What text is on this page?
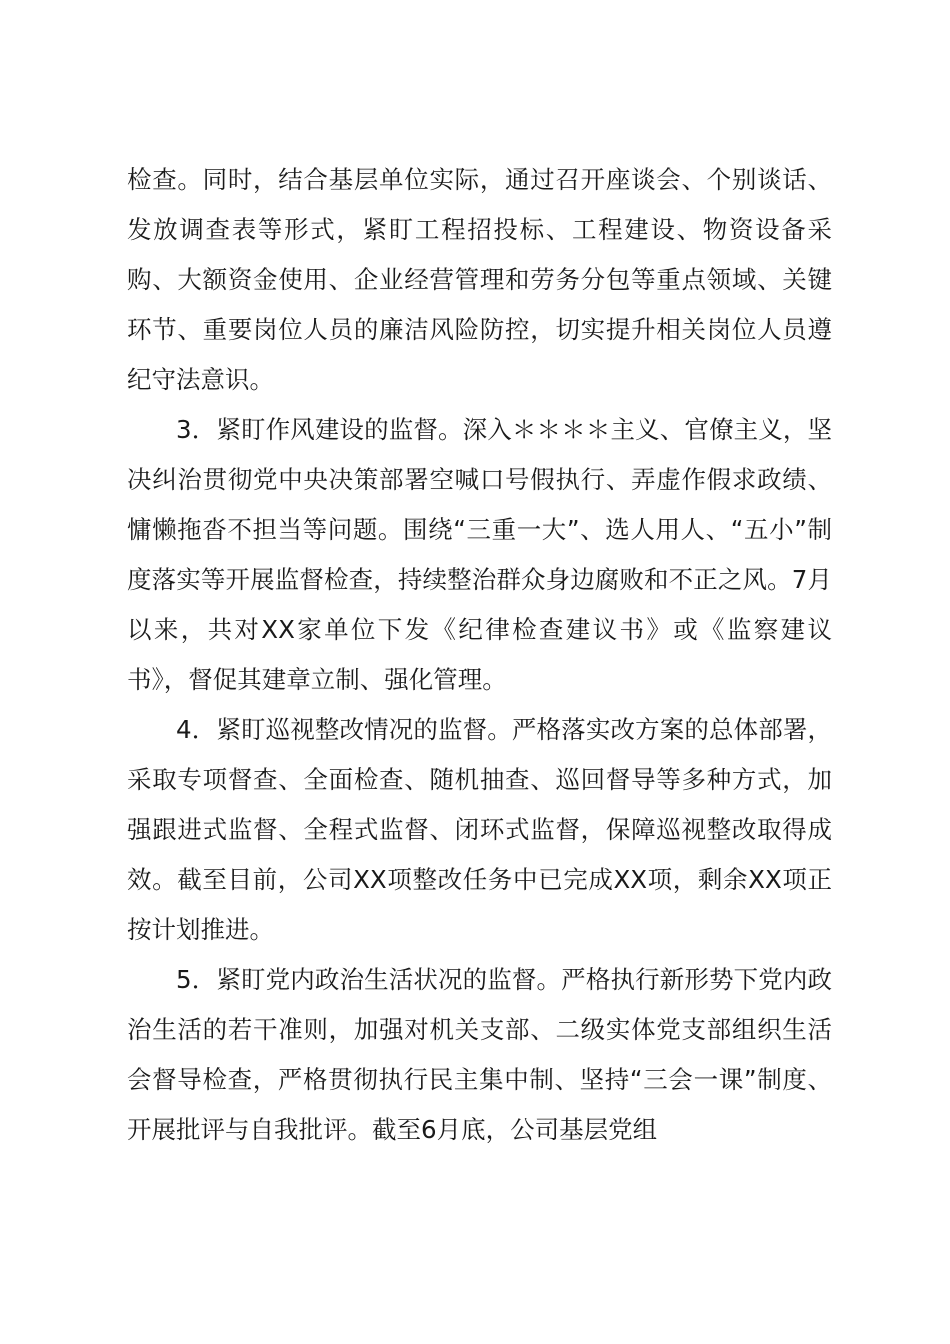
检查。同时，结合基层单位实际，通过召开座谈会、个别谈话、发放调查表等形式，紧盯工程招投标、工程建设、物资设备采购、大额资金使用、企业经营管理和劳务分包等重点领域、关键环节、重要岗位人员的廉洁风险防控，切实提升相关岗位人员遵纪守法意识。

3．紧盯作风建设的监督。深入＊＊＊＊主义、官僚主义，坚决纠治贯彻党中央决策部署空喊口号假执行、弄虚作假求政绩、慵懒拖沓不担当等问题。围绕“三重一大”、选人用人、“五小”制度落实等开展监督检查，持续整治群众身边腐败和不正之风。7月以来，共对XX家单位下发《纪律检查建议书》或《监察建议书》，督促其建章立制、强化管理。

4．紧盯巡视整改情况的监督。严格落实改方案的总体部署，采取专项督查、全面检查、随机抽查、巡回督导等多种方式，加强跟进式监督、全程式监督、闭环式监督，保障巡视整改取得成效。截至目前，公司XX项整改任务中已完成XX项，剩余XX项正按计划推进。

5．紧盯党内政治生活状况的监督。严格执行新形势下党内政治生活的若干准则，加强对机关支部、二级实体党支部组织生活会督导检查，严格贯彻执行民主集中制、坚持“三会一课”制度、开展批评与自我批评。截至6月底，公司基层党组
